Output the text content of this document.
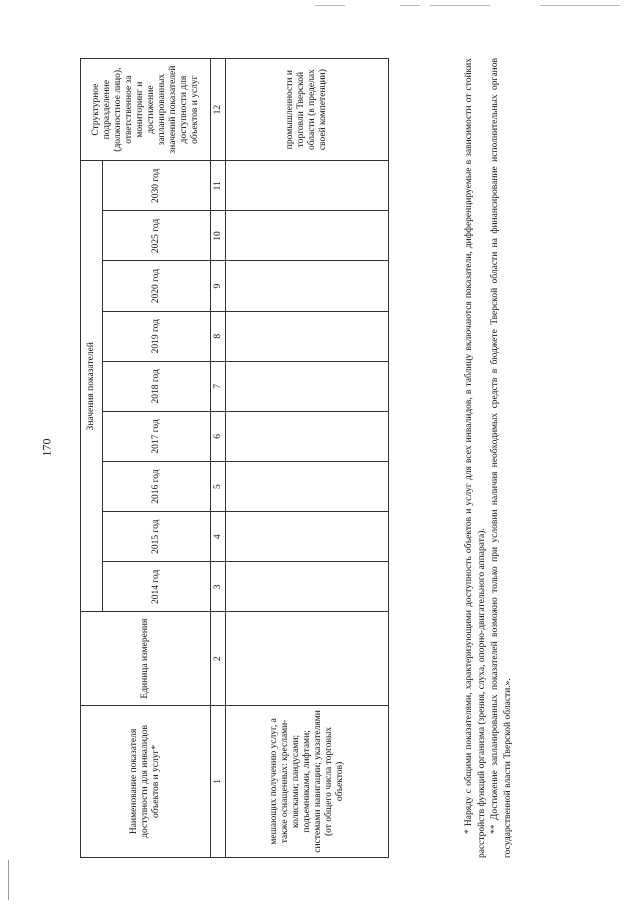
170
Наименование показателя доступности для инвалидов объектов и услуг*	Единица измерения	Значения показателей									Структурное подразделение (должностное лицо), ответственное за мониторинг и достижение запланированных значений показателей доступности для объектов и услуг
		2014 год	2015 год	2016 год	2017 год	2018 год	2019 год	2020 год	2025 год	2030 год	
1	2	3	4	5	6	7	8	9	10	11	12
мешающих получению услуг, а также оснащенных: креслами-колясками; пандусами; подъемниками, лифтами; системами навигации; указателями (от общего числа торговых объектов)											промышленности и торговли Тверской области (в пределах своей компетенции)	* Наряду с общими показателями, характеризующими доступность объектов и услуг для всех инвалидов, в таблицу включаются показатели, дифференцируемые в зависимости от стойких расстройств функций организма (зрения, слуха, опорно-двигательного аппарата). ** Достижение запланированных показателей возможно только при условии наличия необходимых средств в бюджете Тверской области на финансирование исполнительных органов государственной власти Тверской области.».
